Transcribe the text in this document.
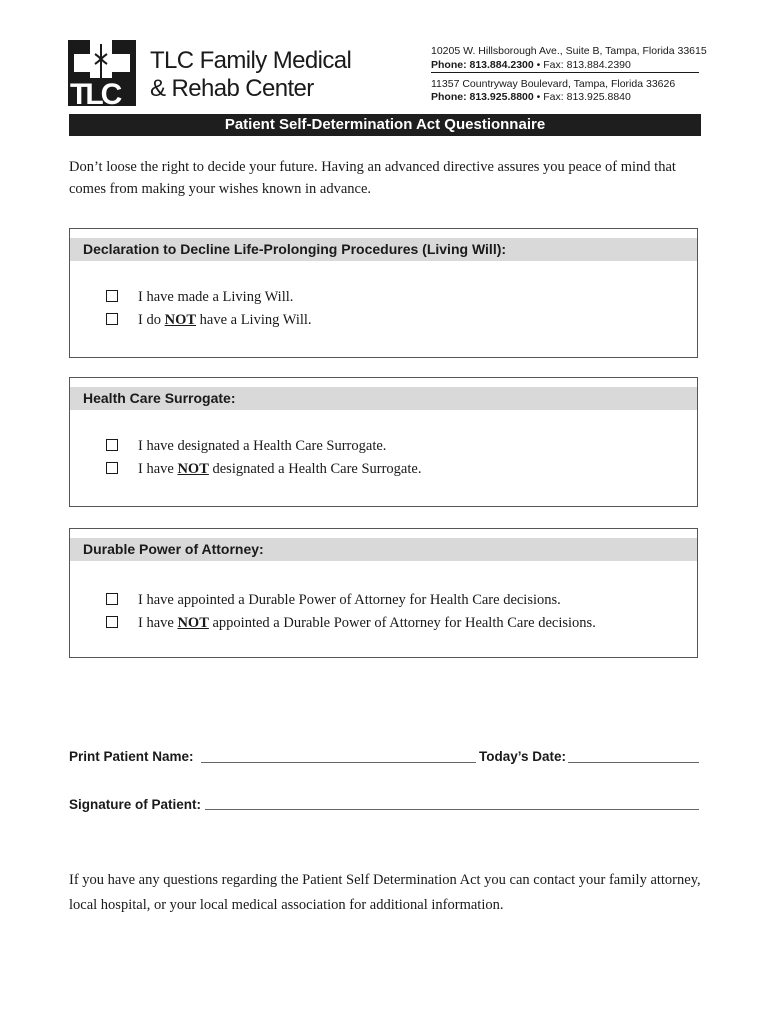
TLC
TLC Family Medical
& Rehab Center
10205 W. Hillsborough Ave., Suite B, Tampa, Florida 33615
Phone: 813.884.2300 • Fax: 813.884.2390
11357 Countryway Boulevard, Tampa, Florida 33626
Phone: 813.925.8800 • Fax: 813.925.8840
Patient Self-Determination Act Questionnaire
Don’t loose the right to decide your future. Having an advanced directive assures you peace of mind that comes from making your wishes known in advance.
Declaration to Decline Life-Prolonging Procedures (Living Will):
I have made a Living Will.
I do NOT have a Living Will.
Health Care Surrogate:
I have designated a Health Care Surrogate.
I have NOT designated a Health Care Surrogate.
Durable Power of Attorney:
I have appointed a Durable Power of Attorney for Health Care decisions.
I have NOT appointed a Durable Power of Attorney for Health Care decisions.
Print Patient Name:	Today’s Date:
Signature of Patient:
If you have any questions regarding the Patient Self Determination Act you can contact your family attorney, local hospital, or your local medical association for additional information.
